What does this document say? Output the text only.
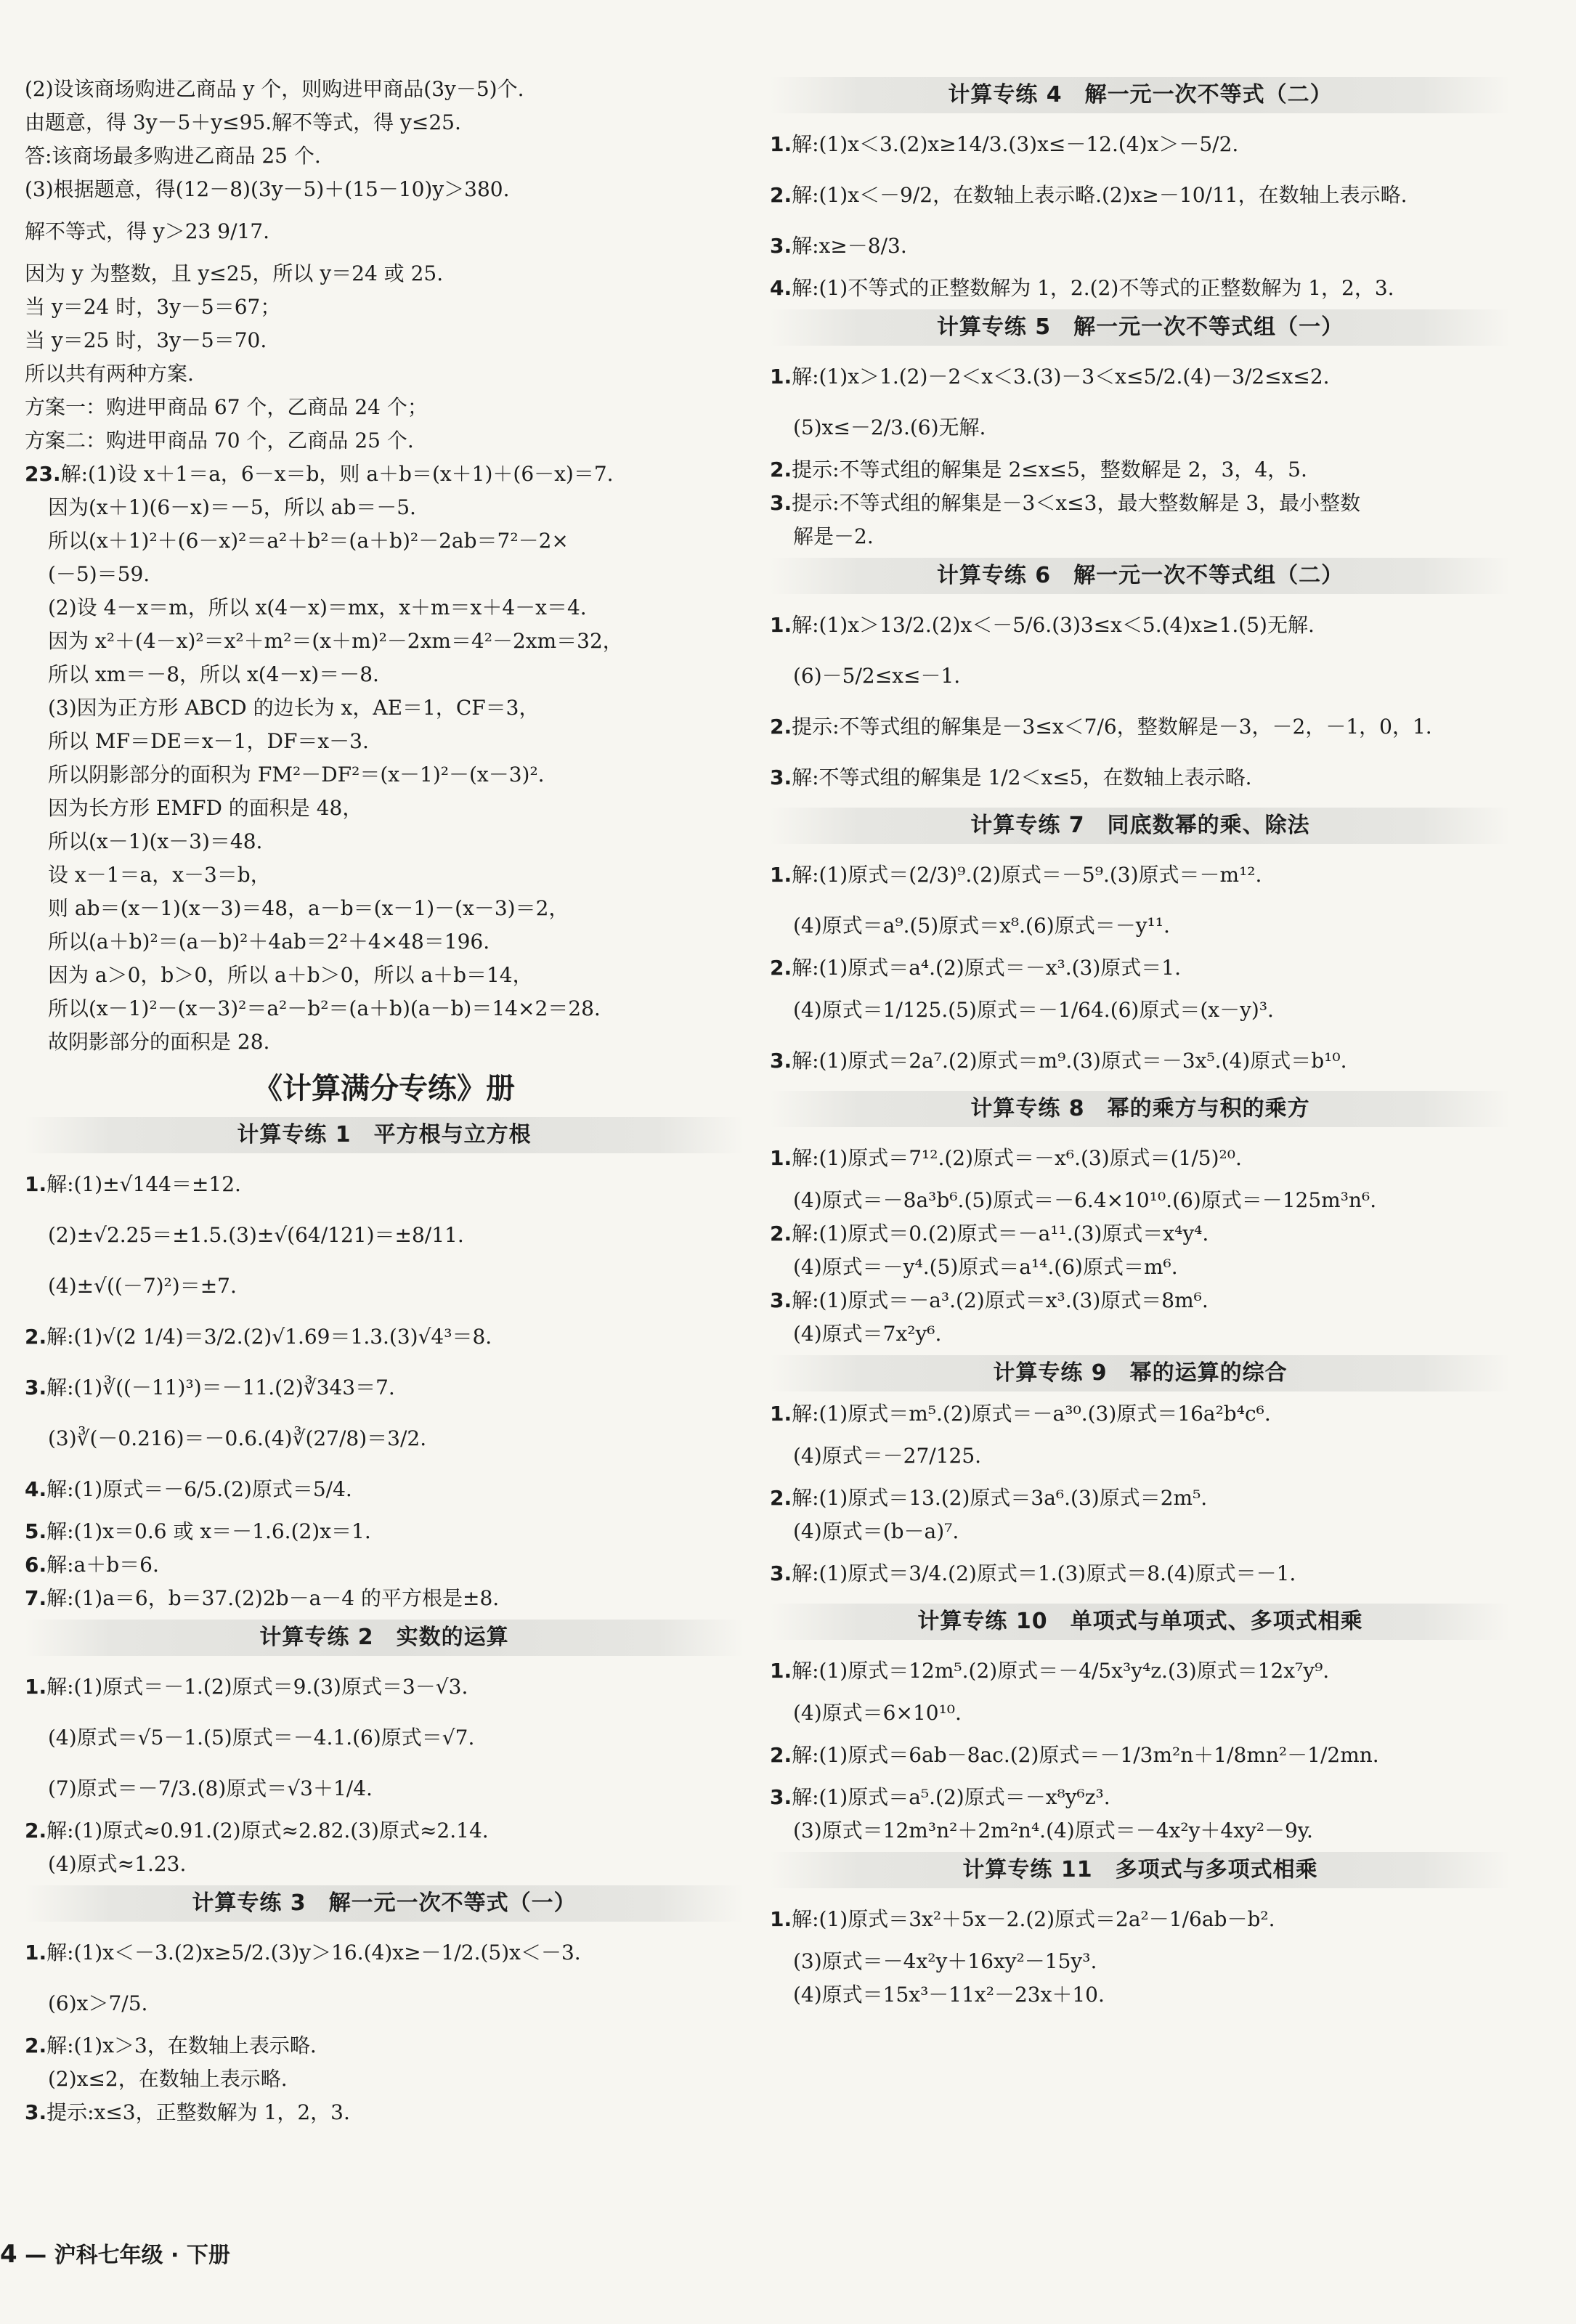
(2)设该商场购进乙商品 y 个，则购进甲商品(3y－5)个.
由题意，得 3y－5＋y≤95.解不等式，得 y≤25.
答:该商场最多购进乙商品 25 个.
(3)根据题意，得(12－8)(3y－5)＋(15－10)y＞380.
解不等式，得 y＞23 9/17.
因为 y 为整数，且 y≤25，所以 y＝24 或 25.
当 y＝24 时，3y－5＝67；
当 y＝25 时，3y－5＝70.
所以共有两种方案.
方案一：购进甲商品 67 个，乙商品 24 个；
方案二：购进甲商品 70 个，乙商品 25 个.
23.解:(1)设 x＋1＝a，6－x＝b，则 a＋b＝(x＋1)＋(6－x)＝7.
因为(x＋1)(6－x)＝－5，所以 ab＝－5.
所以(x＋1)²＋(6－x)²＝a²＋b²＝(a＋b)²－2ab＝7²－2×
(－5)＝59.
(2)设 4－x＝m，所以 x(4－x)＝mx，x＋m＝x＋4－x＝4.
因为 x²＋(4－x)²＝x²＋m²＝(x＋m)²－2xm＝4²－2xm＝32，
所以 xm＝－8，所以 x(4－x)＝－8.
(3)因为正方形 ABCD 的边长为 x，AE＝1，CF＝3，
所以 MF＝DE＝x－1，DF＝x－3.
所以阴影部分的面积为 FM²－DF²＝(x－1)²－(x－3)².
因为长方形 EMFD 的面积是 48，
所以(x－1)(x－3)＝48.
设 x－1＝a，x－3＝b，
则 ab＝(x－1)(x－3)＝48，a－b＝(x－1)－(x－3)＝2，
所以(a＋b)²＝(a－b)²＋4ab＝2²＋4×48＝196.
因为 a＞0，b＞0，所以 a＋b＞0，所以 a＋b＝14，
所以(x－1)²－(x－3)²＝a²－b²＝(a＋b)(a－b)＝14×2＝28.
故阴影部分的面积是 28.
《计算满分专练》册
计算专练 1　平方根与立方根
1.解:(1)±√144＝±12.
(2)±√2.25＝±1.5.(3)±√(64/121)＝±8/11.
(4)±√((－7)²)＝±7.
2.解:(1)√(2 1/4)＝3/2.(2)√1.69＝1.3.(3)√4³＝8.
3.解:(1)∛((－11)³)＝－11.(2)∛343＝7.
(3)∛(－0.216)＝－0.6.(4)∛(27/8)＝3/2.
4.解:(1)原式＝－6/5.(2)原式＝5/4.
5.解:(1)x＝0.6 或 x＝－1.6.(2)x＝1.
6.解:a＋b＝6.
7.解:(1)a＝6，b＝37.(2)2b－a－4 的平方根是±8.
计算专练 2　实数的运算
1.解:(1)原式＝－1.(2)原式＝9.(3)原式＝3－√3.
(4)原式＝√5－1.(5)原式＝－4.1.(6)原式＝√7.
(7)原式＝－7/3.(8)原式＝√3＋1/4.
2.解:(1)原式≈0.91.(2)原式≈2.82.(3)原式≈2.14.
(4)原式≈1.23.
计算专练 3　解一元一次不等式（一）
1.解:(1)x＜－3.(2)x≥5/2.(3)y＞16.(4)x≥－1/2.(5)x＜－3.
(6)x＞7/5.
2.解:(1)x＞3，在数轴上表示略.
(2)x≤2，在数轴上表示略.
3.提示:x≤3，正整数解为 1，2，3.
计算专练 4　解一元一次不等式（二）
1.解:(1)x＜3.(2)x≥14/3.(3)x≤－12.(4)x＞－5/2.
2.解:(1)x＜－9/2，在数轴上表示略.(2)x≥－10/11，在数轴上表示略.
3.解:x≥－8/3.
4.解:(1)不等式的正整数解为 1，2.(2)不等式的正整数解为 1，2，3.
计算专练 5　解一元一次不等式组（一）
1.解:(1)x＞1.(2)－2＜x＜3.(3)－3＜x≤5/2.(4)－3/2≤x≤2.
(5)x≤－2/3.(6)无解.
2.提示:不等式组的解集是 2≤x≤5，整数解是 2，3，4，5.
3.提示:不等式组的解集是－3＜x≤3，最大整数解是 3，最小整数
解是－2.
计算专练 6　解一元一次不等式组（二）
1.解:(1)x＞13/2.(2)x＜－5/6.(3)3≤x＜5.(4)x≥1.(5)无解.
(6)－5/2≤x≤－1.
2.提示:不等式组的解集是－3≤x＜7/6，整数解是－3，－2，－1，0，1.
3.解:不等式组的解集是 1/2＜x≤5，在数轴上表示略.
计算专练 7　同底数幂的乘、除法
1.解:(1)原式＝(2/3)⁹.(2)原式＝－5⁹.(3)原式＝－m¹².
(4)原式＝a⁹.(5)原式＝x⁸.(6)原式＝－y¹¹.
2.解:(1)原式＝a⁴.(2)原式＝－x³.(3)原式＝1.
(4)原式＝1/125.(5)原式＝－1/64.(6)原式＝(x－y)³.
3.解:(1)原式＝2a⁷.(2)原式＝m⁹.(3)原式＝－3x⁵.(4)原式＝b¹⁰.
计算专练 8　幂的乘方与积的乘方
1.解:(1)原式＝7¹².(2)原式＝－x⁶.(3)原式＝(1/5)²⁰.
(4)原式＝－8a³b⁶.(5)原式＝－6.4×10¹⁰.(6)原式＝－125m³n⁶.
2.解:(1)原式＝0.(2)原式＝－a¹¹.(3)原式＝x⁴y⁴.
(4)原式＝－y⁴.(5)原式＝a¹⁴.(6)原式＝m⁶.
3.解:(1)原式＝－a³.(2)原式＝x³.(3)原式＝8m⁶.
(4)原式＝7x²y⁶.
计算专练 9　幂的运算的综合
1.解:(1)原式＝m⁵.(2)原式＝－a³⁰.(3)原式＝16a²b⁴c⁶.
(4)原式＝－27/125.
2.解:(1)原式＝13.(2)原式＝3a⁶.(3)原式＝2m⁵.
(4)原式＝(b－a)⁷.
3.解:(1)原式＝3/4.(2)原式＝1.(3)原式＝8.(4)原式＝－1.
计算专练 10　单项式与单项式、多项式相乘
1.解:(1)原式＝12m⁵.(2)原式＝－4/5x³y⁴z.(3)原式＝12x⁷y⁹.
(4)原式＝6×10¹⁰.
2.解:(1)原式＝6ab－8ac.(2)原式＝－1/3m²n＋1/8mn²－1/2mn.
3.解:(1)原式＝a⁵.(2)原式＝－x⁸y⁶z³.
(3)原式＝12m³n²＋2m²n⁴.(4)原式＝－4x²y＋4xy²－9y.
计算专练 11　多项式与多项式相乘
1.解:(1)原式＝3x²＋5x－2.(2)原式＝2a²－1/6ab－b².
(3)原式＝－4x²y＋16xy²－15y³.
(4)原式＝15x³－11x²－23x＋10.
4 — 沪科七年级 · 下册
